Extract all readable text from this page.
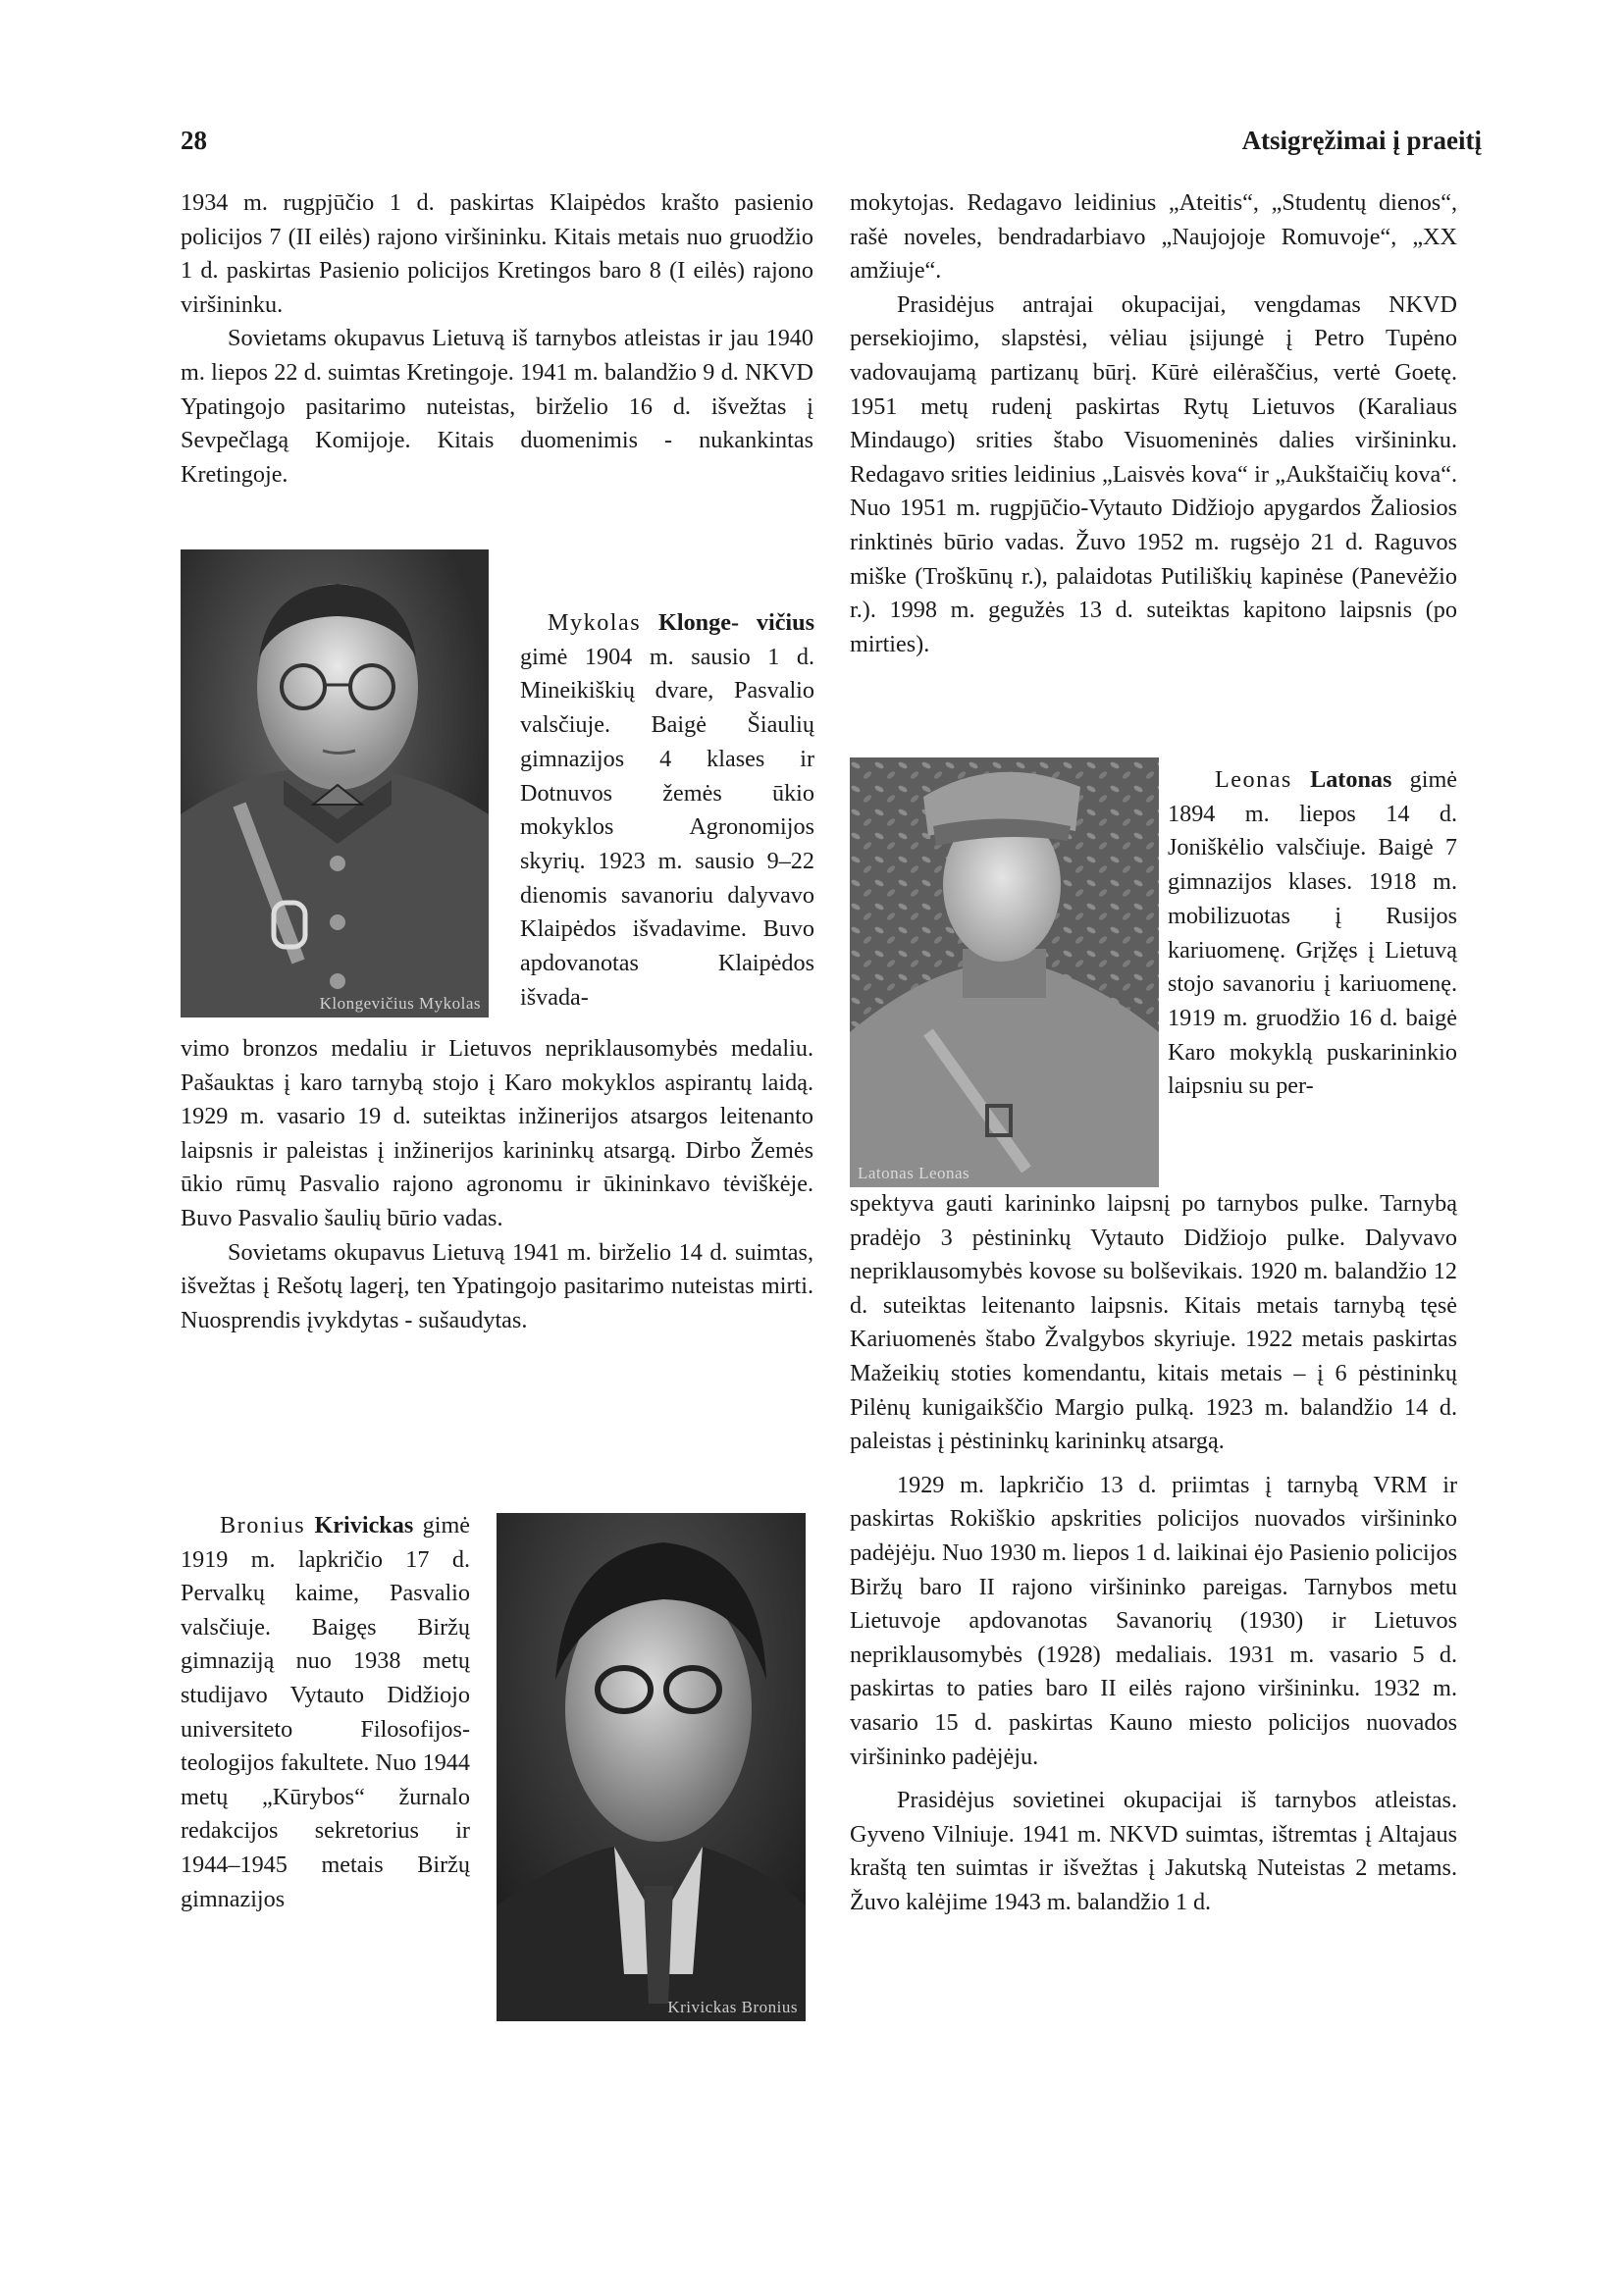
28	Atsigręžimai į praeitį

1934 m. rugpjūčio 1 d. paskirtas Klaipėdos krašto pasienio policijos 7 (II eilės) rajono viršininku. Kitais metais nuo gruodžio 1 d. paskirtas Pasienio policijos Kretingos baro 8 (I eilės) rajono viršininku.

Sovietams okupavus Lietuvą iš tarnybos atleistas ir jau 1940 m. liepos 22 d. suimtas Kretingoje. 1941 m. balandžio 9 d. NKVD Ypatingojo pasitarimo nuteistas, birželio 16 d. išvežtas į Sevpečlagą Komijoje. Kitais duomenimis - nukankintas Kretingoje.

Klongevičius Mykolas

Mykolas Klonge- vičius gimė 1904 m. sausio 1 d. Mineikiškių dvare, Pasvalio valsčiuje. Baigė Šiaulių gimnazijos 4 klases ir Dotnuvos žemės ūkio mokyklos Agronomijos skyrių. 1923 m. sausio 9–22 dienomis savanoriu dalyvavo Klaipėdos išvadavime. Buvo apdovanotas Klaipėdos išvada-

vimo bronzos medaliu ir Lietuvos nepriklausomybės medaliu. Pašauktas į karo tarnybą stojo į Karo mokyklos aspirantų laidą. 1929 m. vasario 19 d. suteiktas inžinerijos atsargos leitenanto laipsnis ir paleistas į inžinerijos karininkų atsargą. Dirbo Žemės ūkio rūmų Pasvalio rajono agronomu ir ūkininkavo tėviškėje. Buvo Pasvalio šaulių būrio vadas.

Sovietams okupavus Lietuvą 1941 m. birželio 14 d. suimtas, išvežtas į Rešotų lagerį, ten Ypatingojo pasitarimo nuteistas mirti. Nuosprendis įvykdytas - sušaudytas.

Bronius Krivickas gimė 1919 m. lapkričio 17 d. Pervalkų kaime, Pasvalio valsčiuje. Baigęs Biržų gimnaziją nuo 1938 metų studijavo Vytauto Didžiojo universiteto Filosofijos-teologijos fakultete. Nuo 1944 metų „Kūrybos“ žurnalo redakcijos sekretorius ir 1944–1945 metais Biržų gimnazijos

Krivickas Bronius

mokytojas. Redagavo leidinius „Ateitis“, „Studentų dienos“, rašė noveles, bendradarbiavo „Naujojoje Romuvoje“, „XX amžiuje“.

Prasidėjus antrajai okupacijai, vengdamas NKVD persekiojimo, slapstėsi, vėliau įsijungė į Petro Tupėno vadovaujamą partizanų būrį. Kūrė eilėraščius, vertė Goetę. 1951 metų rudenį paskirtas Rytų Lietuvos (Karaliaus Mindaugo) srities štabo Visuomeninės dalies viršininku. Redagavo srities leidinius „Laisvės kova“ ir „Aukštaičių kova“. Nuo 1951 m. rugpjūčio-Vytauto Didžiojo apygardos Žaliosios rinktinės būrio vadas. Žuvo 1952 m. rugsėjo 21 d. Raguvos miške (Troškūnų r.), palaidotas Putiliškių kapinėse (Panevėžio r.). 1998 m. gegužės 13 d. suteiktas kapitono laipsnis (po mirties).

Latonas Leonas

Leonas Latonas gimė 1894 m. liepos 14 d. Joniškėlio valsčiuje. Baigė 7 gimnazijos klases. 1918 m. mobilizuotas į Rusijos kariuomenę. Grįžęs į Lietuvą stojo savanoriu į kariuomenę. 1919 m. gruodžio 16 d. baigė Karo mokyklą puskarininkio laipsniu su per-

spektyva gauti karininko laipsnį po tarnybos pulke. Tarnybą pradėjo 3 pėstininkų Vytauto Didžiojo pulke. Dalyvavo nepriklausomybės kovose su bolševikais. 1920 m. balandžio 12 d. suteiktas leitenanto laipsnis. Kitais metais tarnybą tęsė Kariuomenės štabo Žvalgybos skyriuje. 1922 metais paskirtas Mažeikių stoties komendantu, kitais metais – į 6 pėstininkų Pilėnų kunigaikščio Margio pulką. 1923 m. balandžio 14 d. paleistas į pėstininkų karininkų atsargą.

1929 m. lapkričio 13 d. priimtas į tarnybą VRM ir paskirtas Rokiškio apskrities policijos nuovados viršininko padėjėju. Nuo 1930 m. liepos 1 d. laikinai ėjo Pasienio policijos Biržų baro II rajono viršininko pareigas. Tarnybos metu Lietuvoje apdovanotas Savanorių (1930) ir Lietuvos nepriklausomybės (1928) medaliais. 1931 m. vasario 5 d. paskirtas to paties baro II eilės rajono viršininku. 1932 m. vasario 15 d. paskirtas Kauno miesto policijos nuovados viršininko padėjėju.

Prasidėjus sovietinei okupacijai iš tarnybos atleistas. Gyveno Vilniuje. 1941 m. NKVD suimtas, ištremtas į Altajaus kraštą ten suimtas ir išvežtas į Jakutską Nuteistas 2 metams. Žuvo kalėjime 1943 m. balandžio 1 d.
